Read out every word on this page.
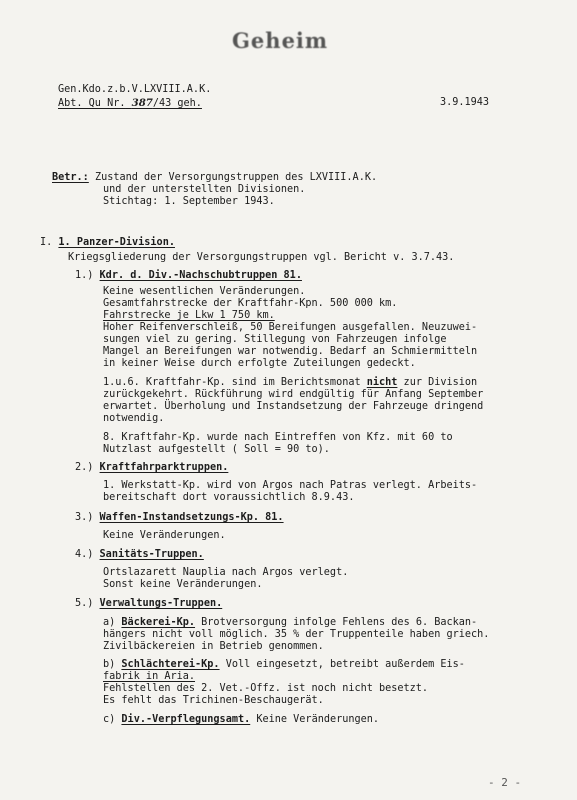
Geheim
Gen.Kdo.z.b.V.LXVIII.A.K.
Abt. Qu Nr. 387/43 geh.	3.9.1943
Betr.: Zustand der Versorgungstruppen des LXVIII.A.K.
und der unterstellten Divisionen.
Stichtag: 1. September 1943.
I. 1. Panzer-Division.
Kriegsgliederung der Versorgungstruppen vgl. Bericht v. 3.7.43.
1.) Kdr. d. Div.-Nachschubtruppen 81.
Keine wesentlichen Veränderungen.
Gesamtfahrstrecke der Kraftfahr-Kpn. 500 000 km.
Fahrstrecke je Lkw 1 750 km.
Hoher Reifenverschleiß, 50 Bereifungen ausgefallen. Neuzuwei-
sungen viel zu gering. Stillegung von Fahrzeugen infolge
Mangel an Bereifungen war notwendig. Bedarf an Schmiermitteln
in keiner Weise durch erfolgte Zuteilungen gedeckt.
1.u.6. Kraftfahr-Kp. sind im Berichtsmonat nicht zur Division
zurückgekehrt. Rückführung wird endgültig für Anfang September
erwartet. Überholung und Instandsetzung der Fahrzeuge dringend
notwendig.
8. Kraftfahr-Kp. wurde nach Eintreffen von Kfz. mit 60 to
Nutzlast aufgestellt ( Soll = 90 to).
2.) Kraftfahrparktruppen.
1. Werkstatt-Kp. wird von Argos nach Patras verlegt. Arbeits-
bereitschaft dort voraussichtlich 8.9.43.
3.) Waffen-Instandsetzungs-Kp. 81.
Keine Veränderungen.
4.) Sanitäts-Truppen.
Ortslazarett Nauplia nach Argos verlegt.
Sonst keine Veränderungen.
5.) Verwaltungs-Truppen.
a) Bäckerei-Kp. Brotversorgung infolge Fehlens des 6. Backan-
hängers nicht voll möglich. 35 % der Truppenteile haben griech.
Zivilbäckereien in Betrieb genommen.
b) Schlächterei-Kp. Voll eingesetzt, betreibt außerdem Eis-
fabrik in Aria.
Fehlstellen des 2. Vet.-Offz. ist noch nicht besetzt.
Es fehlt das Trichinen-Beschaugerät.
c) Div.-Verpflegungsamt. Keine Veränderungen.
- 2 -
